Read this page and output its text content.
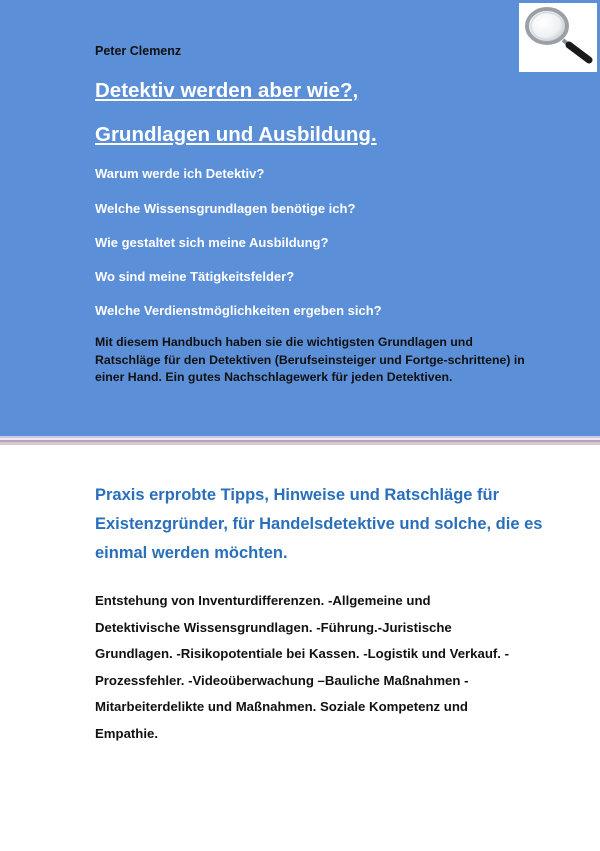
Peter Clemenz

Detektiv werden aber wie?,

Grundlagen und Ausbildung.

Warum werde ich Detektiv?

Welche Wissensgrundlagen benötige ich?

Wie gestaltet sich meine Ausbildung?

Wo sind meine Tätigkeitsfelder?

Welche Verdienstmöglichkeiten ergeben sich?

Mit diesem Handbuch haben sie die wichtigsten Grundlagen und Ratschläge für den Detektiven (Berufseinsteiger und Fortge-schrittene) in einer Hand. Ein gutes Nachschlagewerk für jeden Detektiven.

Praxis erprobte Tipps, Hinweise und Ratschläge für Existenzgründer, für Handelsdetektive und solche, die es einmal werden möchten.

Entstehung von Inventurdifferenzen. -Allgemeine und Detektivische Wissensgrundlagen. -Führung.-Juristische Grundlagen. -Risikopotentiale bei Kassen. -Logistik und Verkauf. - Prozessfehler. -Videoüberwachung –Bauliche Maßnahmen -Mitarbeiterdelikte und Maßnahmen. Soziale Kompetenz und Empathie.
